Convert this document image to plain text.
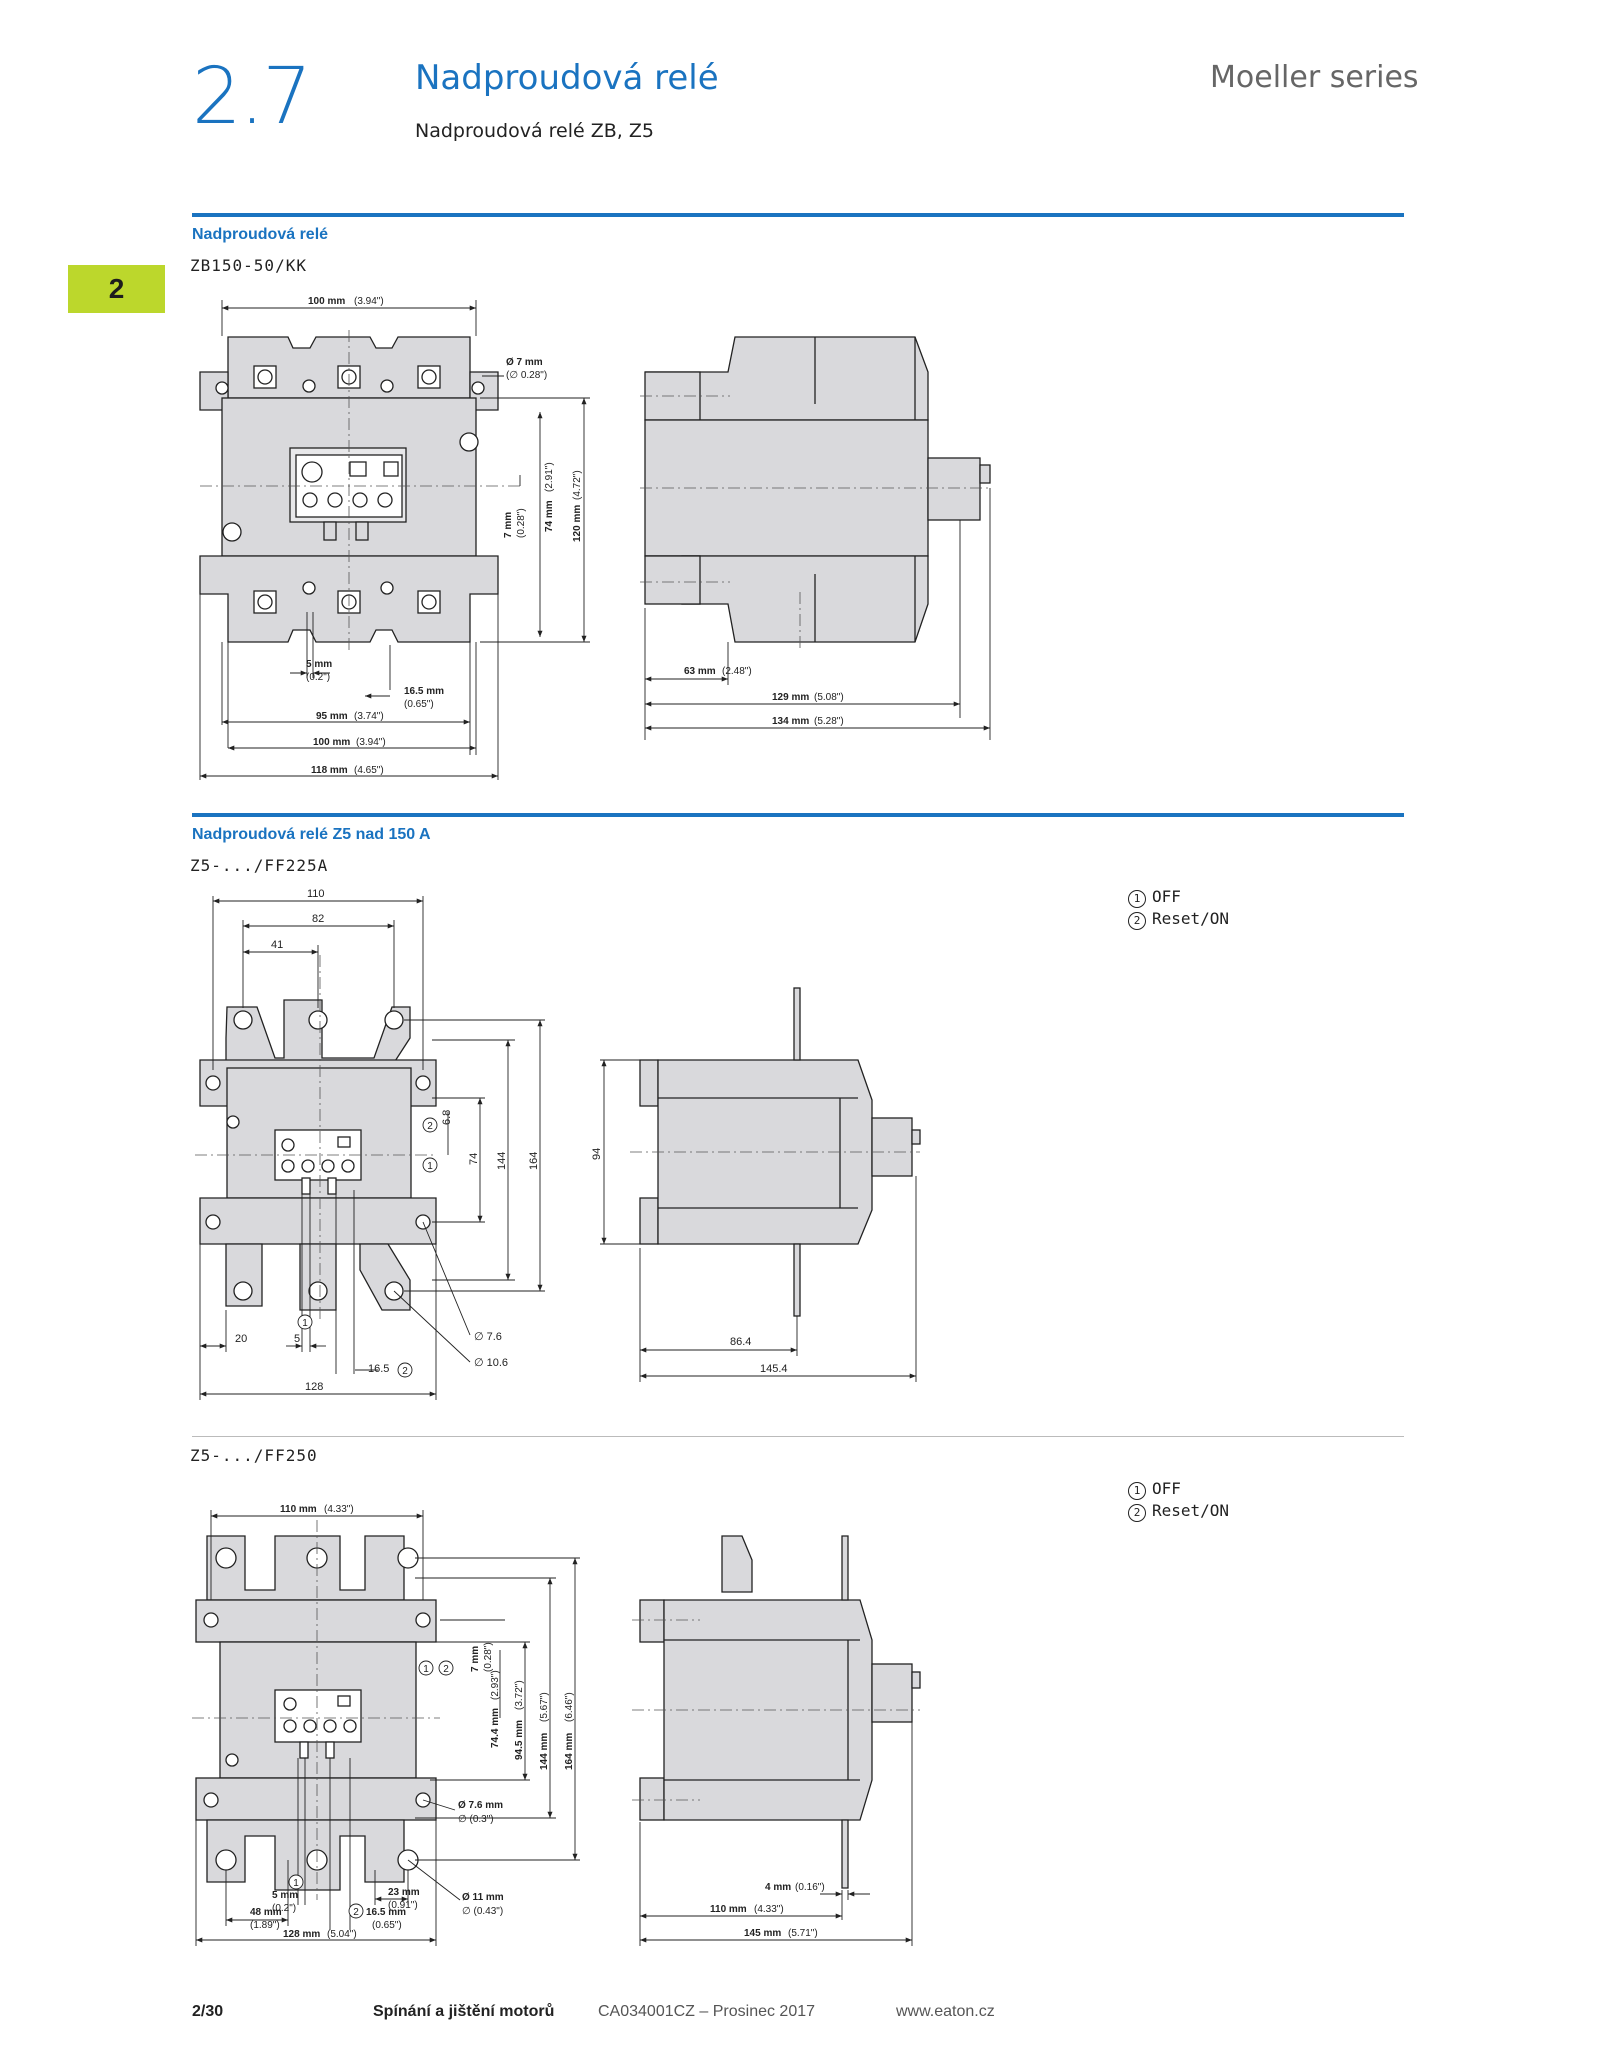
2.7	Nadproudová relé
Nadproudová relé ZB, Z5
Moeller series
2
Nadproudová relé
ZB150-50/KK
100 mm (3.94")
Ø 7 mm
(∅ 0.28")
7 mm (0.28") 74 mm
(2.91")
120 mm
(4.72")
5 mm
(0.2")
16.5 mm
(0.65")
95 mm (3.74")
100 mm (3.94")
118 mm (4.65")
63 mm (2.48")
129 mm (5.08")
134 mm (5.28")
110
82
41
6.8
74 144 164
20	5
16.5
128
∅ 7.6
∅ 10.6
2
1
1
2
94
86.4
145.4
110 mm (4.33")
7 mm (0.28")
74.4 mm
(2.93")
94.5 mm
(3.72")
144 mm
(5.67")
164 mm
(6.46")
Ø 7.6 mm
∅ (0.3")
Ø 11 mm
∅ (0.43")
5 mm
(0.2")
48 mm
(1.89")
23 mm
(0.91")
16.5 mm
(0.65")
128 mm (5.04")
1 2
1
2
4 mm (0.16")
110 mm (4.33")
145 mm (5.71")
Nadproudová relé Z5 nad 150 A
Z5-.../FF225A
1 OFF
2 Reset/ON
Z5-.../FF250
1 OFF
2 Reset/ON
2/30	Spínání a jištění motorů	CA034001CZ – Prosinec 2017	www.eaton.cz
